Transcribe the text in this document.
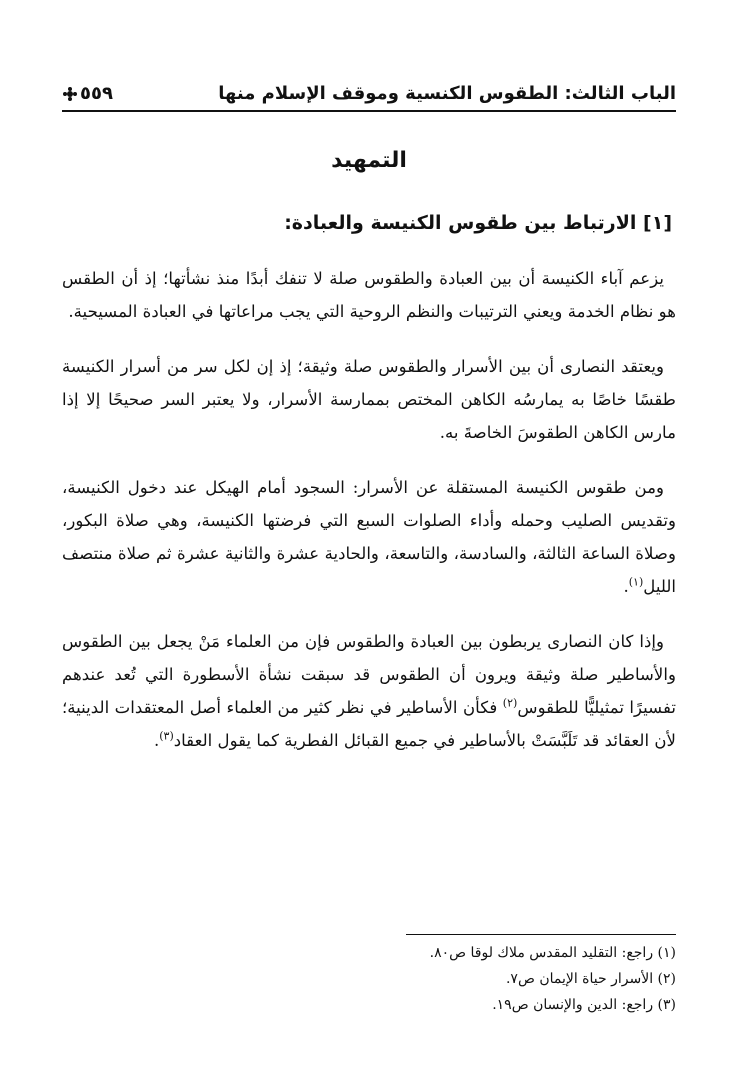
الباب الثالث: الطقوس الكنسية وموقف الإسلام منها
٥٥٩
التمهيد
[١] الارتباط بين طقوس الكنيسة والعبادة:

يزعم آباء الكنيسة أن بين العبادة والطقوس صلة لا تنفك أبدًا منذ نشأتها؛ إذ أن الطقس هو نظام الخدمة ويعني الترتيبات والنظم الروحية التي يجب مراعاتها في العبادة المسيحية.

ويعتقد النصارى أن بين الأسرار والطقوس صلة وثيقة؛ إذ إن لكل سر من أسرار الكنيسة طقسًا خاصًا به يمارسُه الكاهن المختص بممارسة الأسرار، ولا يعتبر السر صحيحًا إلا إذا مارس الكاهن الطقوسَ الخاصةَ به.

ومن طقوس الكنيسة المستقلة عن الأسرار: السجود أمام الهيكل عند دخول الكنيسة، وتقديس الصليب وحمله وأداء الصلوات السبع التي فرضتها الكنيسة، وهي صلاة البكور، وصلاة الساعة الثالثة، والسادسة، والتاسعة، والحادية عشرة والثانية عشرة ثم صلاة منتصف الليل$^{(١)}$.

وإذا كان النصارى يربطون بين العبادة والطقوس فإن من العلماء مَنْ يجعل بين الطقوس والأساطير صلة وثيقة ويرون أن الطقوس قد سبقت نشأة الأسطورة التي تُعد عندهم تفسيرًا تمثيليًّا للطقوس$^{(٢)}$ فكأن الأساطير في نظر كثير من العلماء أصل المعتقدات الدينية؛ لأن العقائد قد تَلَبَّسَتْ بالأساطير في جميع القبائل الفطرية كما يقول العقاد$^{(٣)}$.

(١) راجع: التقليد المقدس ملاك لوقا ص٨٠.
(٢) الأسرار حياة الإيمان ص٧.
(٣) راجع: الدين والإنسان ص١٩.
